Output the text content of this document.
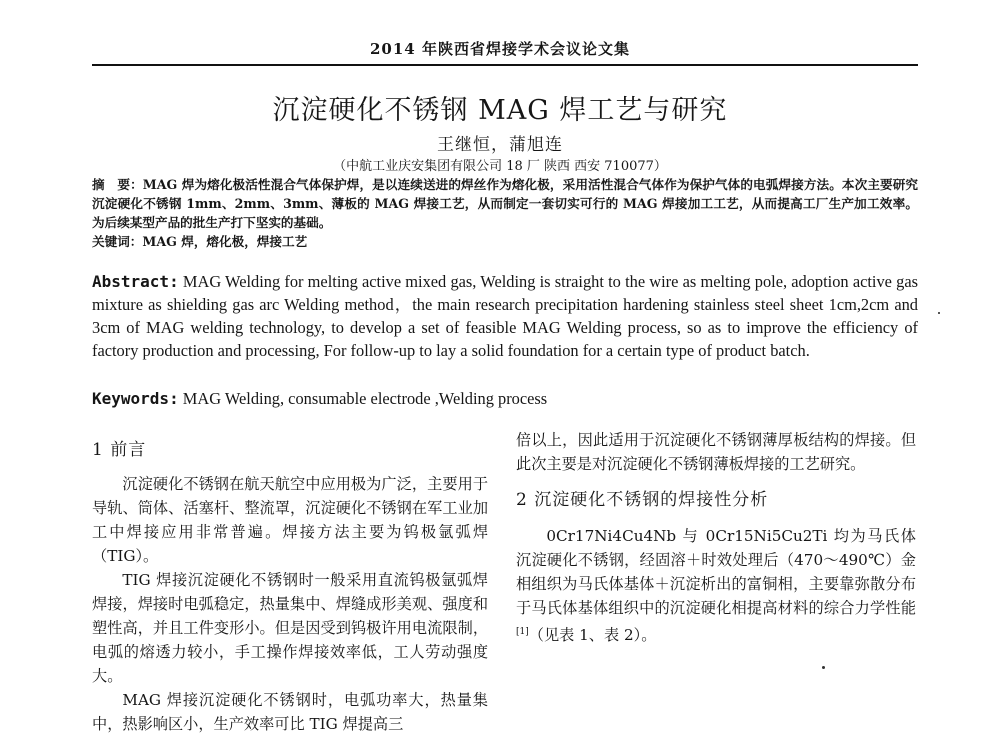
2014 年陕西省焊接学术会议论文集
沉淀硬化不锈钢 MAG 焊工艺与研究
王继恒，蒲旭连
（中航工业庆安集团有限公司 18 厂 陕西 西安 710077）

摘　要：MAG 焊为熔化极活性混合气体保护焊，是以连续送进的焊丝作为熔化极，采用活性混合气体作为保护气体的电弧焊接方法。本次主要研究沉淀硬化不锈钢 1mm、2mm、3mm、薄板的 MAG 焊接工艺，从而制定一套切实可行的 MAG 焊接加工工艺，从而提高工厂生产加工效率。为后续某型产品的批生产打下坚实的基础。

关键词：MAG 焊，熔化极，焊接工艺

Abstract: MAG Welding for melting active mixed gas, Welding is straight to the wire as melting pole, adoption active gas mixture as shielding gas arc Welding method，the main research precipitation hardening stainless steel sheet 1cm,2cm and 3cm of MAG welding technology, to develop a set of feasible MAG Welding process, so as to improve the efficiency of factory production and processing, For follow-up to lay a solid foundation for a certain type of product batch.

Keywords: MAG Welding, consumable electrode ,Welding process

1 前言

沉淀硬化不锈钢在航天航空中应用极为广泛，主要用于导轨、筒体、活塞杆、整流罩，沉淀硬化不锈钢在军工业加工中焊接应用非常普遍。焊接方法主要为钨极氩弧焊（TIG）。

TIG 焊接沉淀硬化不锈钢时一般采用直流钨极氩弧焊焊接，焊接时电弧稳定，热量集中、焊缝成形美观、强度和塑性高，并且工件变形小。但是因受到钨极许用电流限制，电弧的熔透力较小，手工操作焊接效率低，工人劳动强度大。

MAG 焊接沉淀硬化不锈钢时，电弧功率大，热量集中，热影响区小，生产效率可比 TIG 焊提高三

倍以上，因此适用于沉淀硬化不锈钢薄厚板结构的焊接。但此次主要是对沉淀硬化不锈钢薄板焊接的工艺研究。

2 沉淀硬化不锈钢的焊接性分析

0Cr17Ni4Cu4Nb 与 0Cr15Ni5Cu2Ti 均为马氏体沉淀硬化不锈钢，经固溶＋时效处理后（470～490℃）金相组织为马氏体基体＋沉淀析出的富铜相，主要靠弥散分布于马氏体基体组织中的沉淀硬化相提高材料的综合力学性能[1]（见表 1、表 2）。
